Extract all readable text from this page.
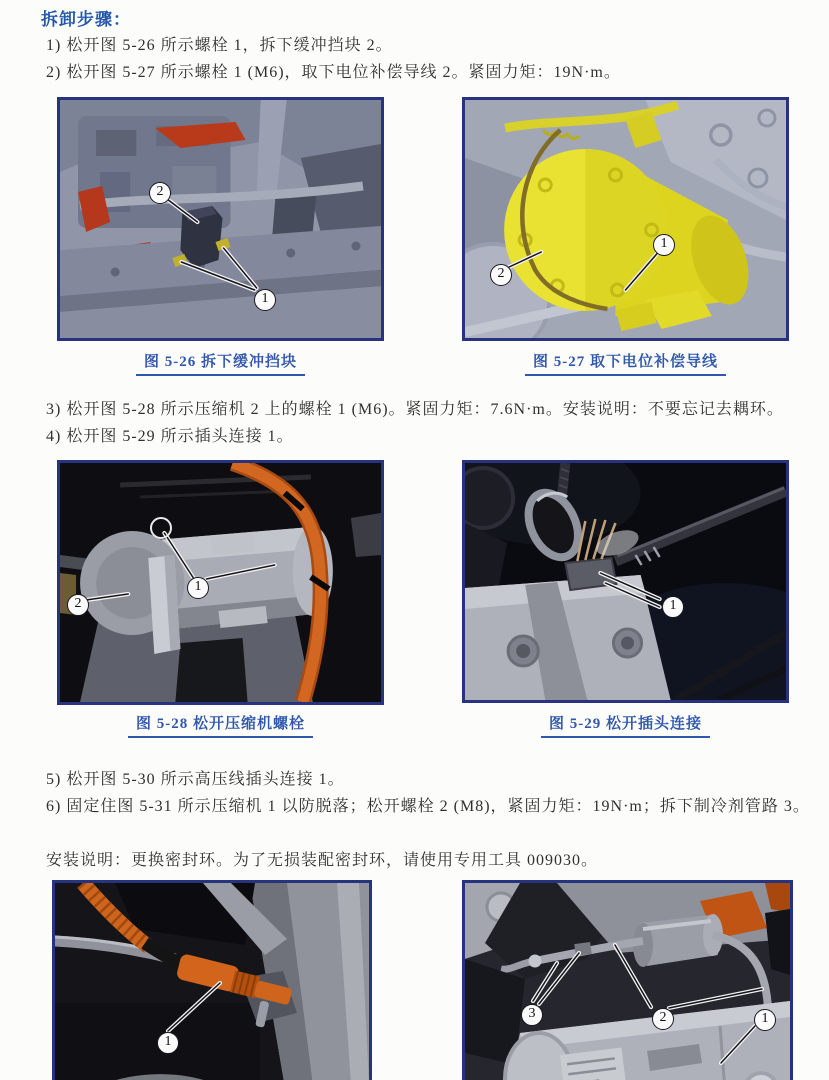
拆卸步骤：

1) 松开图 5-26 所示螺栓 1，拆下缓冲挡块 2。

2) 松开图 5-27 所示螺栓 1 (M6)，取下电位补偿导线 2。紧固力矩：19N·m。

2
1
2
1
图 5-26 拆下缓冲挡块	图 5-27 取下电位补偿导线

3) 松开图 5-28 所示压缩机 2 上的螺栓 1 (M6)。紧固力矩：7.6N·m。安装说明：不要忘记去耦环。

4) 松开图 5-29 所示插头连接 1。

1
2	1
图 5-28 松开压缩机螺栓	图 5-29 松开插头连接

5) 松开图 5-30 所示高压线插头连接 1。

6) 固定住图 5-31 所示压缩机 1 以防脱落；松开螺栓 2 (M8)，紧固力矩：19N·m；拆下制冷剂管路 3。

安装说明：更换密封环。为了无损装配密封环，请使用专用工具 009030。

1
3	2	1
